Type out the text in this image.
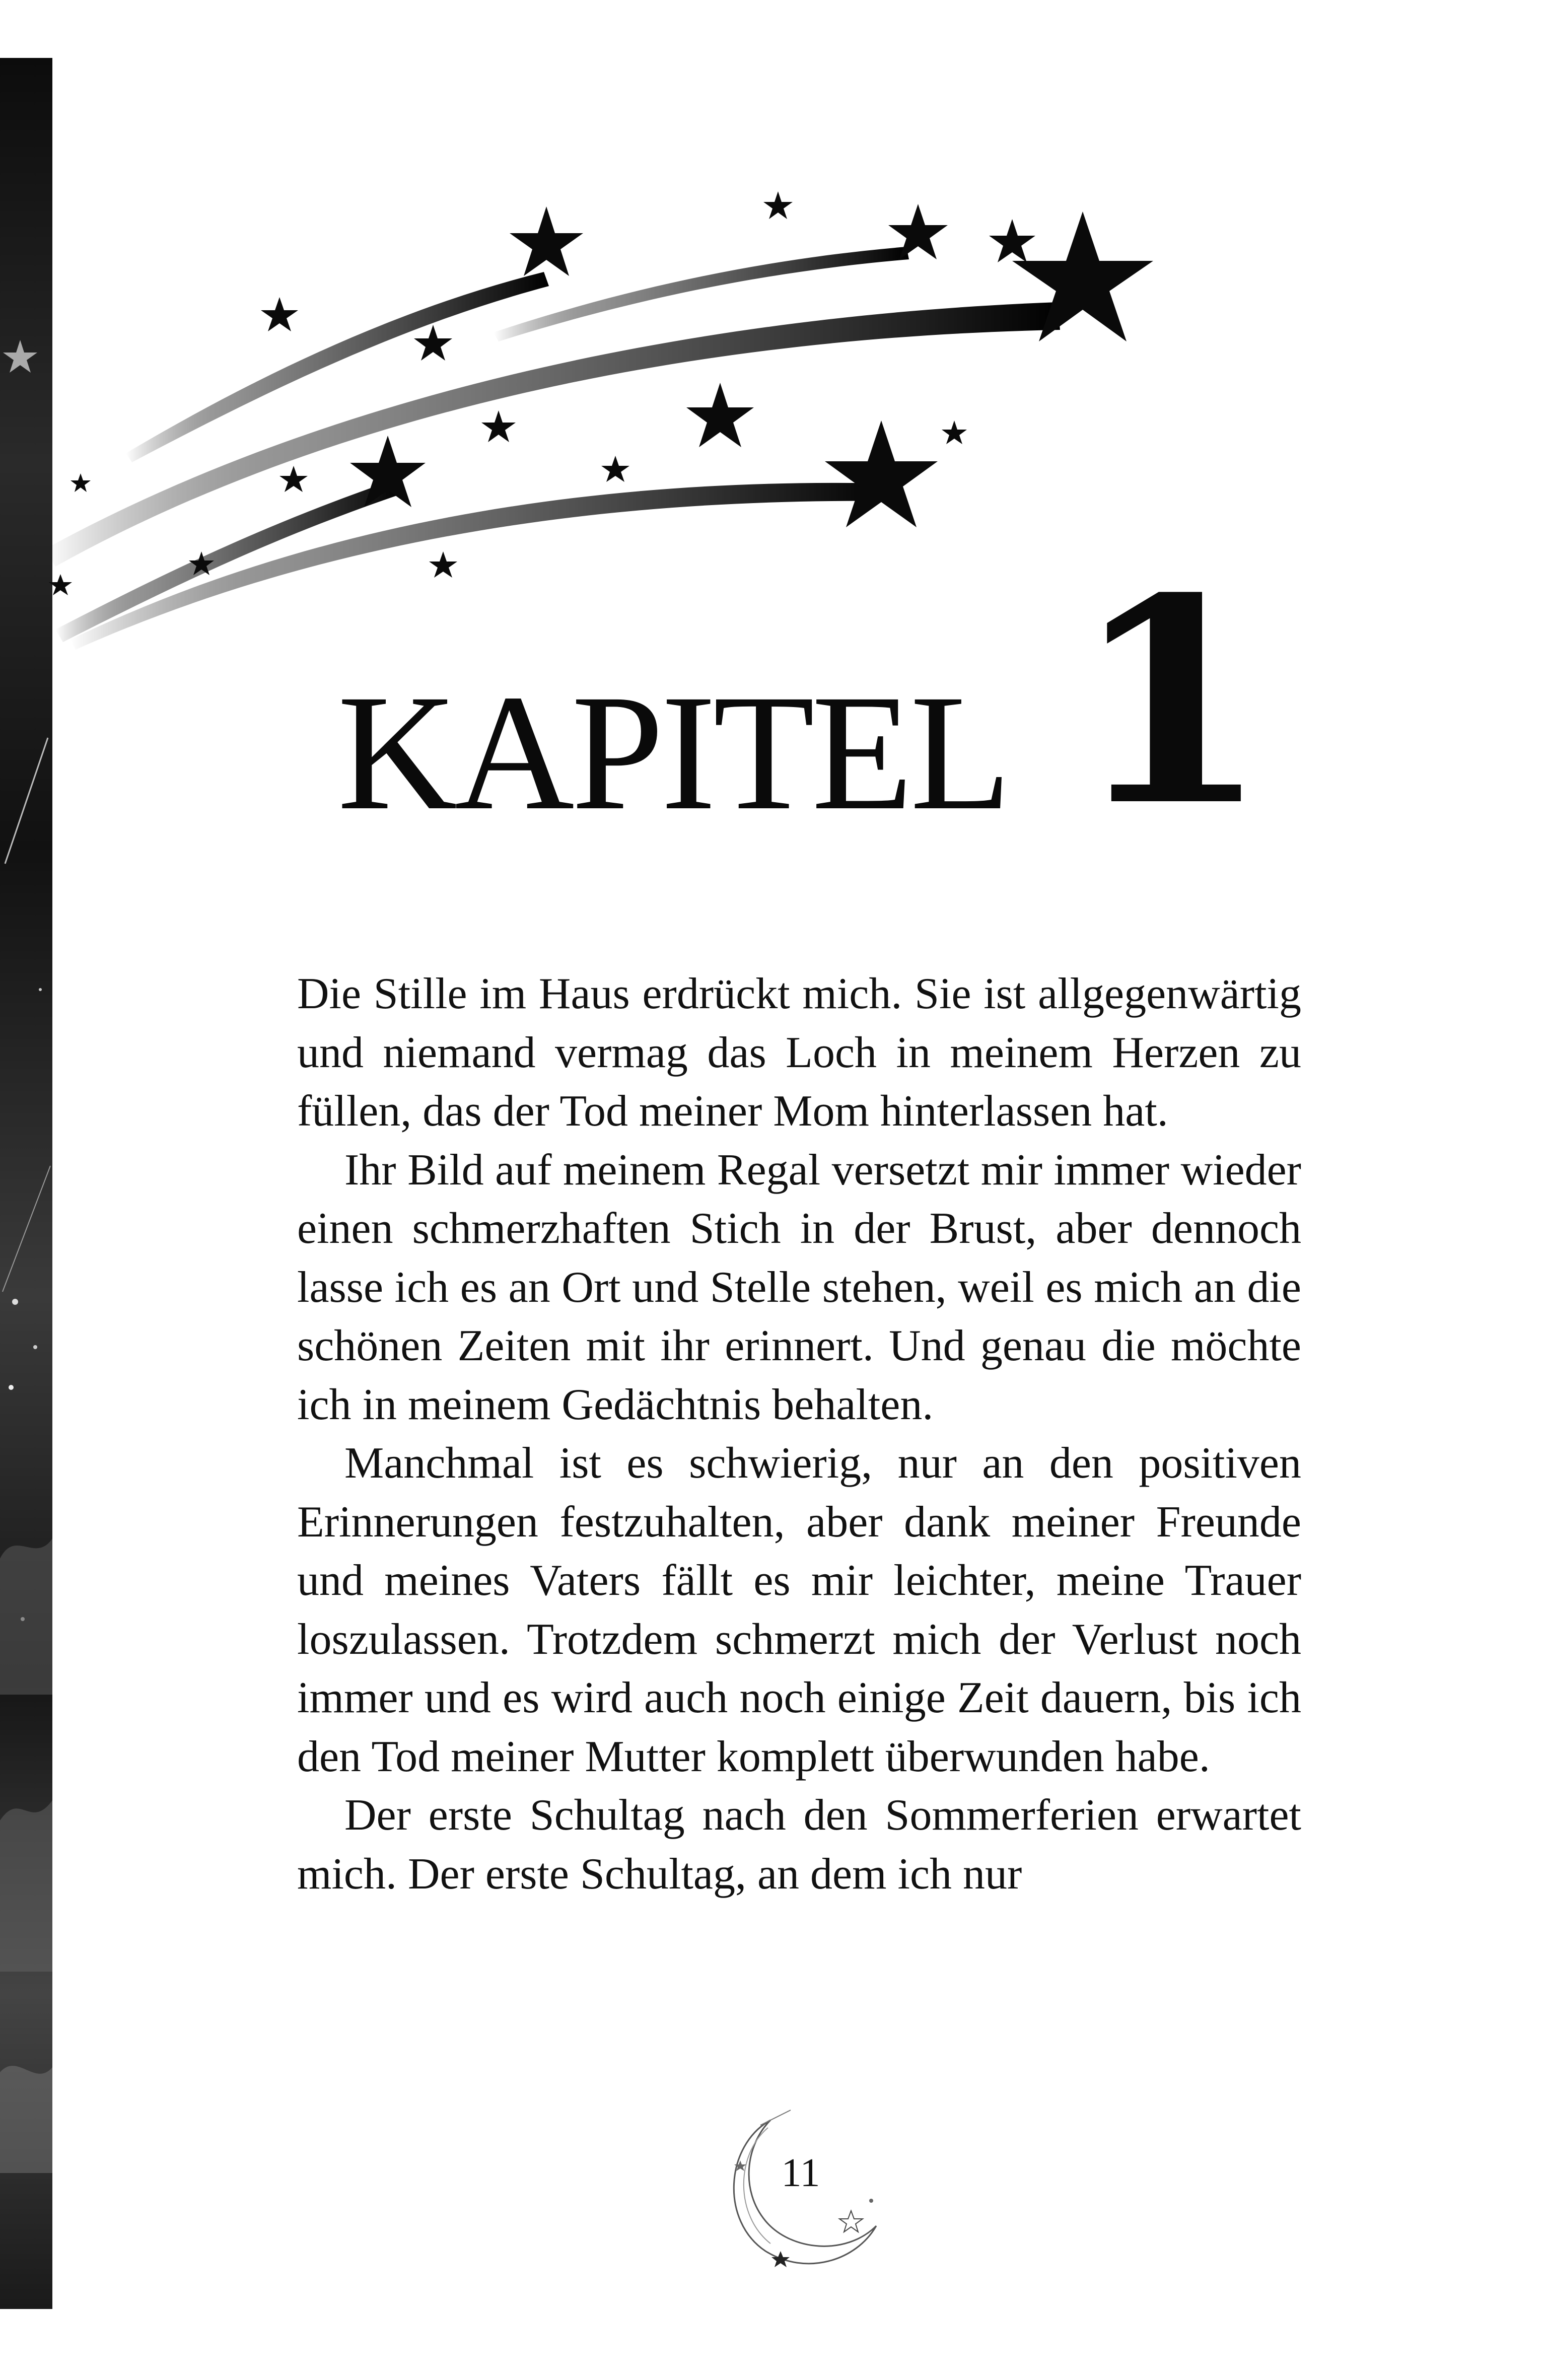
KAPITEL 1

Die Stille im Haus erdrückt mich. Sie ist allgegenwärtig und niemand vermag das Loch in meinem Herzen zu füllen, das der Tod meiner Mom hinterlassen hat.

Ihr Bild auf meinem Regal versetzt mir immer wieder einen schmerzhaften Stich in der Brust, aber dennoch lasse ich es an Ort und Stelle stehen, weil es mich an die schönen Zeiten mit ihr erinnert. Und genau die möchte ich in meinem Gedächtnis behalten.

Manchmal ist es schwierig, nur an den positiven Erinnerungen festzuhalten, aber dank meiner Freunde und meines Vaters fällt es mir leichter, meine Trauer loszulassen. Trotzdem schmerzt mich der Verlust noch immer und es wird auch noch einige Zeit dauern, bis ich den Tod meiner Mutter komplett überwunden habe.

Der erste Schultag nach den Sommerferien erwartet mich. Der erste Schultag, an dem ich nur

11
